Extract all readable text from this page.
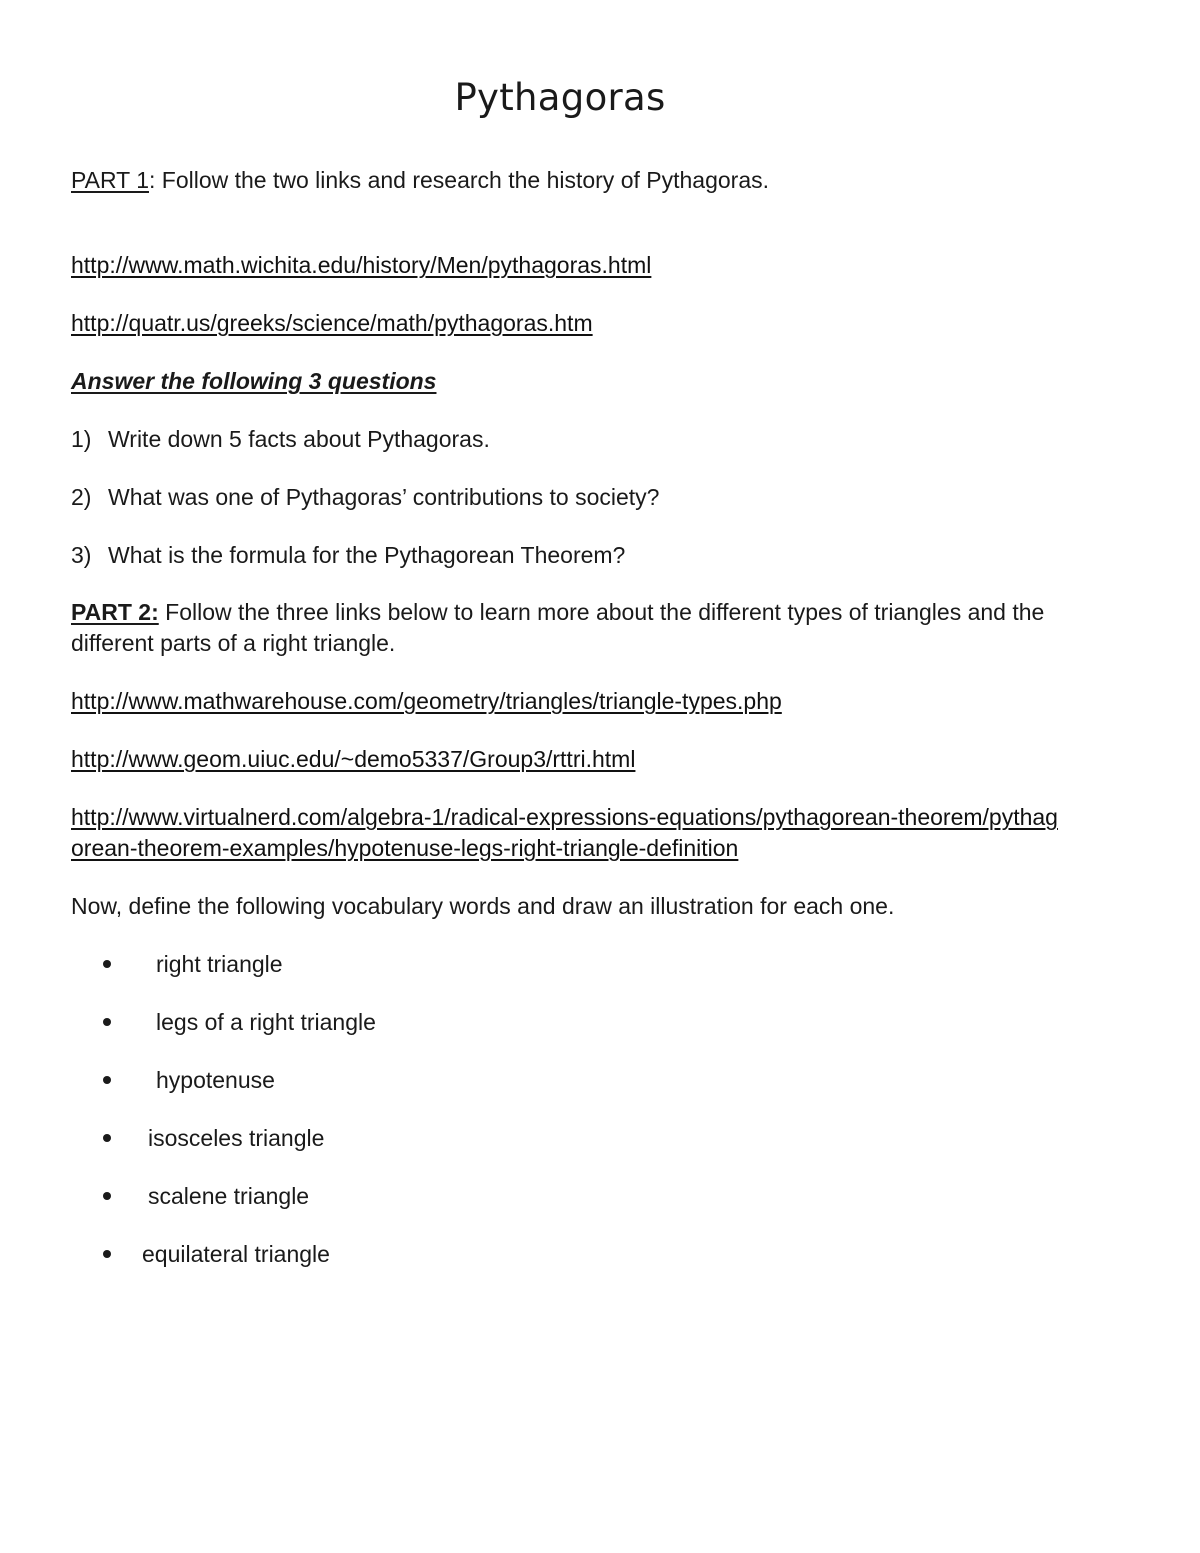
Pythagoras
PART 1: Follow the two links and research the history of Pythagoras.
http://www.math.wichita.edu/history/Men/pythagoras.html
http://quatr.us/greeks/science/math/pythagoras.htm
Answer the following 3 questions
1) Write down 5 facts about Pythagoras.
2) What was one of Pythagoras’ contributions to society?
3) What is the formula for the Pythagorean Theorem?
PART 2: Follow the three links below to learn more about the different types of triangles and the different parts of a right triangle.
http://www.mathwarehouse.com/geometry/triangles/triangle-types.php
http://www.geom.uiuc.edu/~demo5337/Group3/rttri.html
http://www.virtualnerd.com/algebra-1/radical-expressions-equations/pythagorean-theorem/pythagorean-theorem-examples/hypotenuse-legs-right-triangle-definition
Now, define the following vocabulary words and draw an illustration for each one.
right triangle
legs of a right triangle
hypotenuse
isosceles triangle
scalene triangle
equilateral triangle
